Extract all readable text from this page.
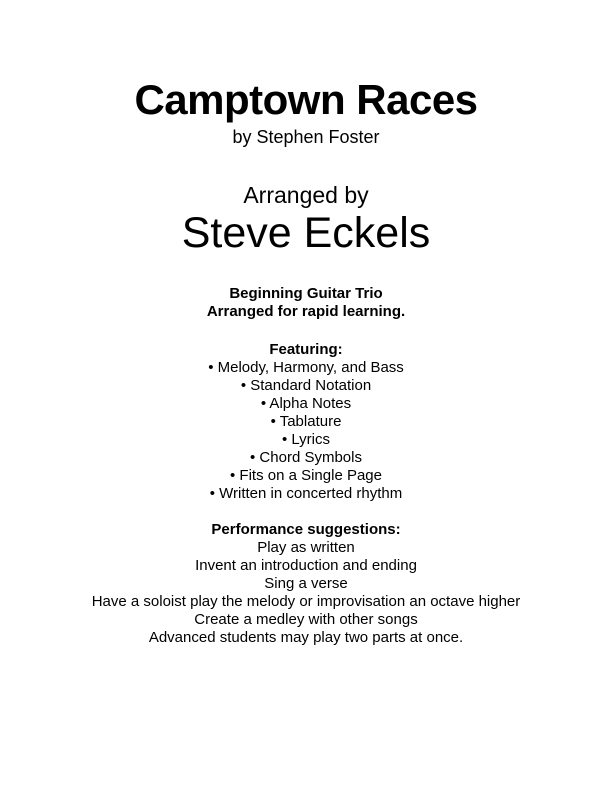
Camptown Races
by Stephen Foster
Arranged by
Steve Eckels
Beginning Guitar Trio
Arranged for rapid learning.
Featuring:
• Melody, Harmony, and Bass
• Standard Notation
• Alpha Notes
• Tablature
• Lyrics
• Chord Symbols
• Fits on a Single Page
• Written in concerted rhythm
Performance suggestions:
Play as written
Invent an introduction and ending
Sing a verse
Have a soloist play the melody or improvisation an octave higher
Create a medley with other songs
Advanced students may play two parts at once.
